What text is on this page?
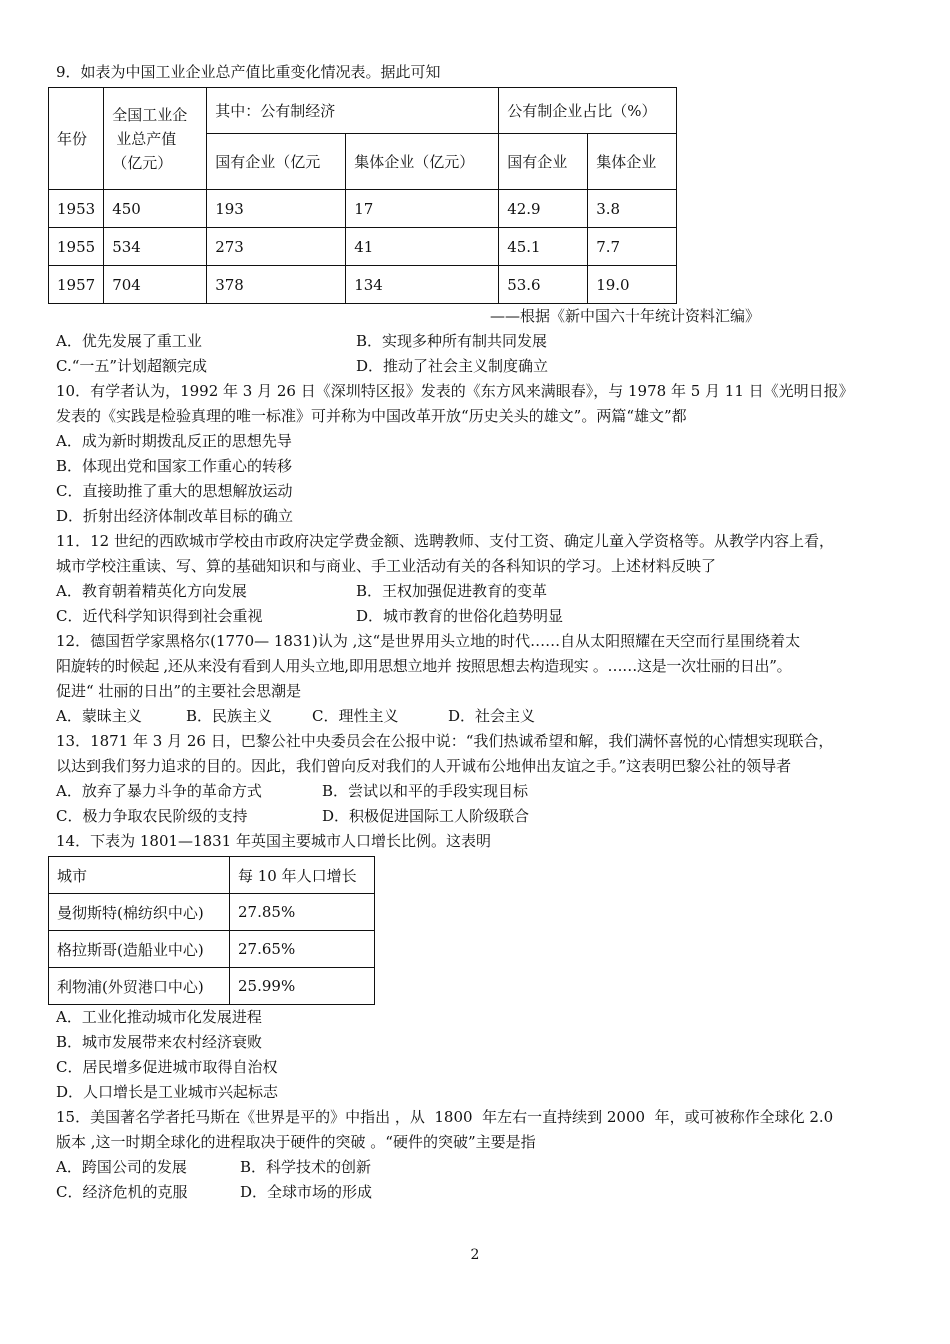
9．如表为中国工业企业总产值比重变化情况表。据此可知
年份	全国工业企
业总产值
（亿元）	其中：公有制经济		公有制企业占比（%）	
		国有企业（亿元	集体企业（亿元）	国有企业	集体企业
1953	450	193	17	42.9	3.8
1955	534	273	41	45.1	7.7
1957	704	378	134	53.6	19.0
——根据《新中国六十年统计资料汇编》
A．优先发展了重工业	B．实现多种所有制共同发展
C.“一五”计划超额完成	D．推动了社会主义制度确立
10．有学者认为，1992 年 3 月 26 日《深圳特区报》发表的《东方风来满眼春》，与 1978 年 5 月 11 日《光明日报》
发表的《实践是检验真理的唯一标准》可并称为中国改革开放“历史关头的雄文”。两篇“雄文”都
A．成为新时期拨乱反正的思想先导
B．体现出党和国家工作重心的转移
C．直接助推了重大的思想解放运动
D．折射出经济体制改革目标的确立
11．12 世纪的西欧城市学校由市政府决定学费金额、选聘教师、支付工资、确定儿童入学资格等。从教学内容上看，
城市学校注重读、写、算的基础知识和与商业、手工业活动有关的各科知识的学习。上述材料反映了
A．教育朝着精英化方向发展	B．王权加强促进教育的变革
C．近代科学知识得到社会重视	D．城市教育的世俗化趋势明显
12．德国哲学家黑格尔(1770— 1831)认为 ,这“是世界用头立地的时代……自从太阳照耀在天空而行星围绕着太
阳旋转的时候起 ,还从来没有看到人用头立地,即用思想立地并 按照思想去构造现实 。……这是一次壮丽的日出”。
促进“ 壮丽的日出”的主要社会思潮是
A．蒙昧主义	B．民族主义	C．理性主义	D．社会主义
13．1871 年 3 月 26 日，巴黎公社中央委员会在公报中说：“我们热诚希望和解，我们满怀喜悦的心情想实现联合，
以达到我们努力追求的目的。因此，我们曾向反对我们的人开诚布公地伸出友谊之手。”这表明巴黎公社的领导者
A．放弃了暴力斗争的革命方式	B．尝试以和平的手段实现目标
C．极力争取农民阶级的支持	D．积极促进国际工人阶级联合
14．下表为 1801—1831 年英国主要城市人口增长比例。这表明
城市	每 10 年人口增长
曼彻斯特(棉纺织中心)	27.85%
格拉斯哥(造船业中心)	27.65%
利物浦(外贸港口中心)	25.99%
A．工业化推动城市化发展进程
B．城市发展带来农村经济衰败
C．居民增多促进城市取得自治权
D．人口增长是工业城市兴起标志
15．美国著名学者托马斯在《世界是平的》中指出 ，从  1800  年左右一直持续到 2000  年，或可被称作全球化 2.0
版本 ,这一时期全球化的进程取决于硬件的突破 。“硬件的突破”主要是指
A．跨国公司的发展	B．科学技术的创新
C．经济危机的克服	D．全球市场的形成
2
